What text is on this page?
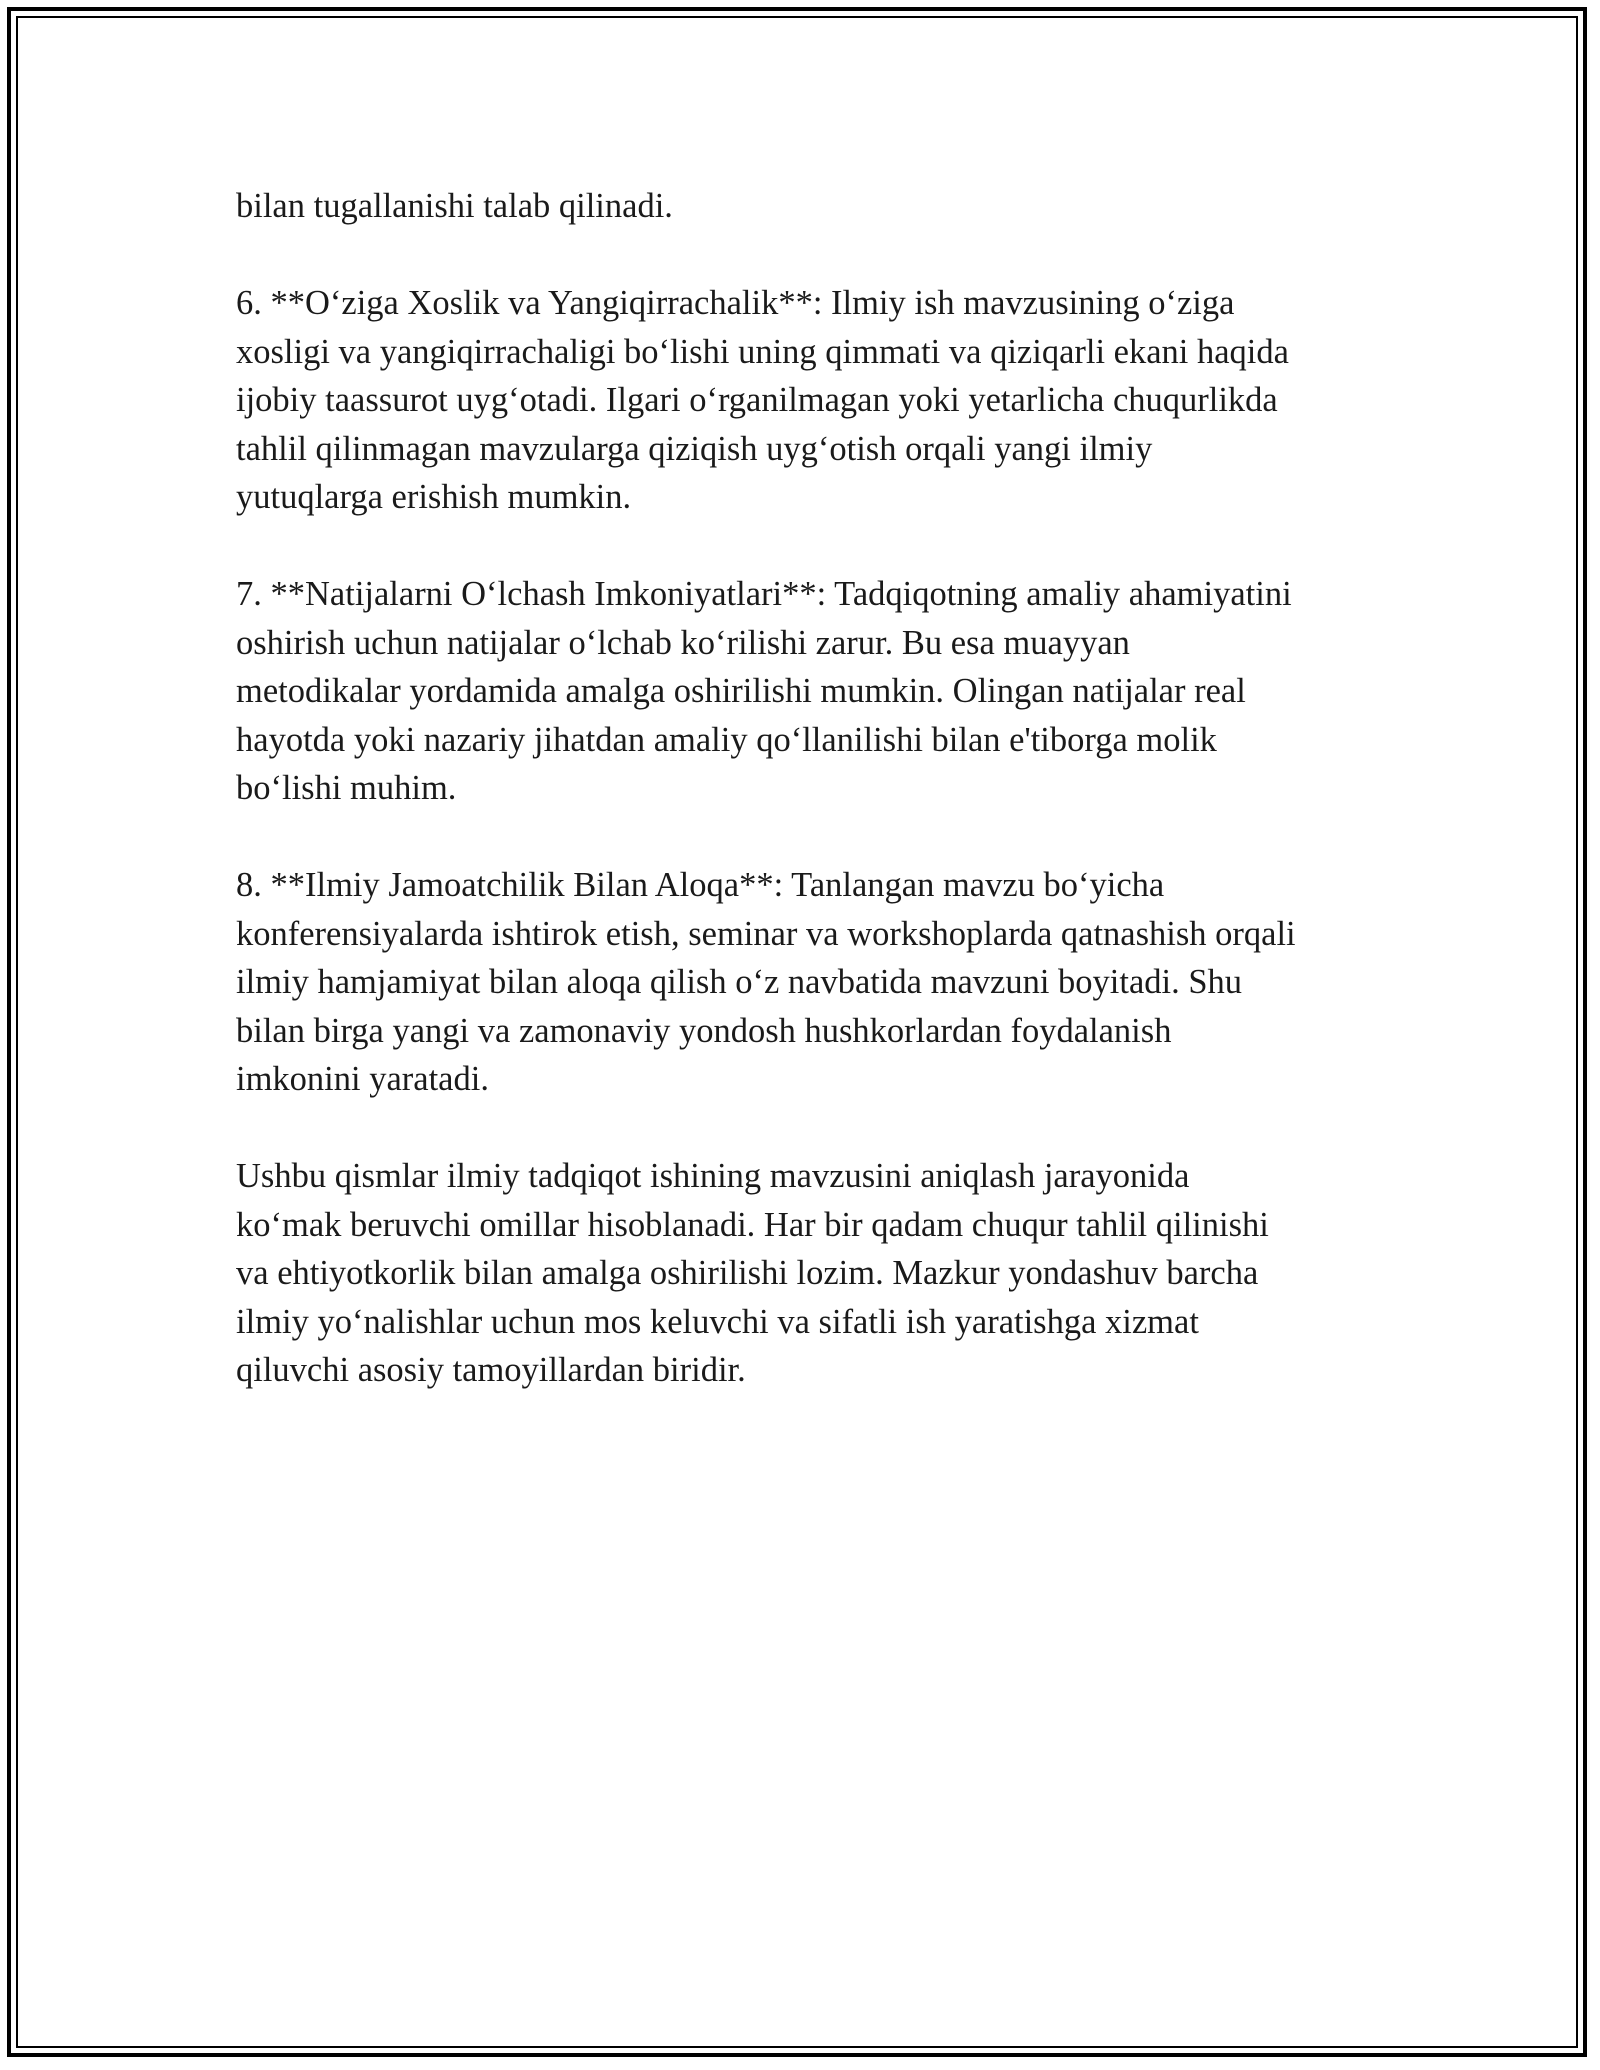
bilan tugallanishi talab qilinadi.

6. **O‘ziga Xoslik va Yangiqirrachalik**: Ilmiy ish mavzusining o‘ziga
xosligi va yangiqirrachaligi bo‘lishi uning qimmati va qiziqarli ekani haqida
ijobiy taassurot uyg‘otadi. Ilgari o‘rganilmagan yoki yetarlicha chuqurlikda
tahlil qilinmagan mavzularga qiziqish uyg‘otish orqali yangi ilmiy
yutuqlarga erishish mumkin.

7. **Natijalarni O‘lchash Imkoniyatlari**: Tadqiqotning amaliy ahamiyatini
oshirish uchun natijalar o‘lchab ko‘rilishi zarur. Bu esa muayyan
metodikalar yordamida amalga oshirilishi mumkin. Olingan natijalar real
hayotda yoki nazariy jihatdan amaliy qo‘llanilishi bilan e'tiborga molik
bo‘lishi muhim.

8. **Ilmiy Jamoatchilik Bilan Aloqa**: Tanlangan mavzu bo‘yicha
konferensiyalarda ishtirok etish, seminar va workshoplarda qatnashish orqali
ilmiy hamjamiyat bilan aloqa qilish o‘z navbatida mavzuni boyitadi. Shu
bilan birga yangi va zamonaviy yondosh hushkorlardan foydalanish
imkonini yaratadi.

Ushbu qismlar ilmiy tadqiqot ishining mavzusini aniqlash jarayonida
ko‘mak beruvchi omillar hisoblanadi. Har bir qadam chuqur tahlil qilinishi
va ehtiyotkorlik bilan amalga oshirilishi lozim. Mazkur yondashuv barcha
ilmiy yo‘nalishlar uchun mos keluvchi va sifatli ish yaratishga xizmat
qiluvchi asosiy tamoyillardan biridir.
